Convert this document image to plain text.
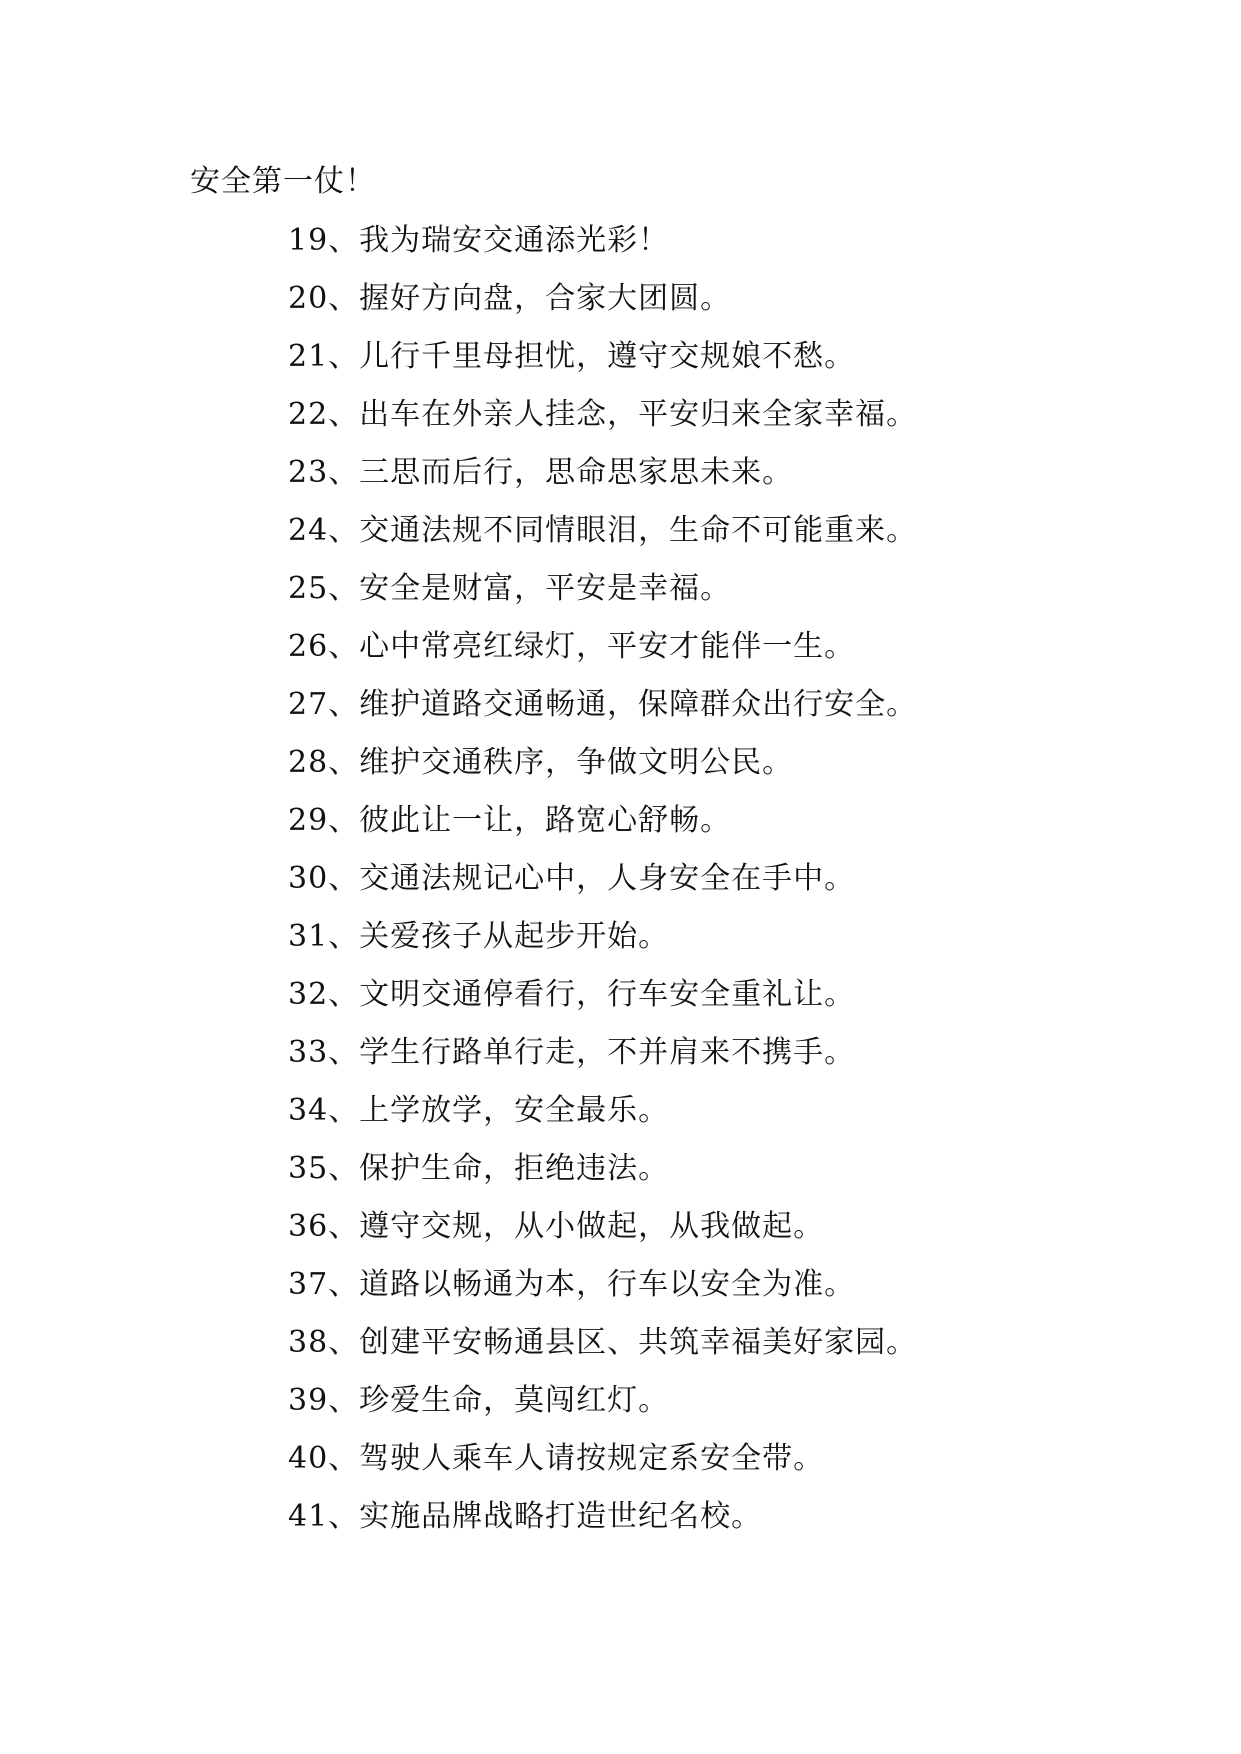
安全第一仗！
19、我为瑞安交通添光彩！
20、握好方向盘，合家大团圆。
21、儿行千里母担忧，遵守交规娘不愁。
22、出车在外亲人挂念，平安归来全家幸福。
23、三思而后行，思命思家思未来。
24、交通法规不同情眼泪，生命不可能重来。
25、安全是财富，平安是幸福。
26、心中常亮红绿灯，平安才能伴一生。
27、维护道路交通畅通，保障群众出行安全。
28、维护交通秩序，争做文明公民。
29、彼此让一让，路宽心舒畅。
30、交通法规记心中，人身安全在手中。
31、关爱孩子从起步开始。
32、文明交通停看行，行车安全重礼让。
33、学生行路单行走，不并肩来不携手。
34、上学放学，安全最乐。
35、保护生命，拒绝违法。
36、遵守交规，从小做起，从我做起。
37、道路以畅通为本，行车以安全为准。
38、创建平安畅通县区、共筑幸福美好家园。
39、珍爱生命，莫闯红灯。
40、驾驶人乘车人请按规定系安全带。
41、实施品牌战略打造世纪名校。
